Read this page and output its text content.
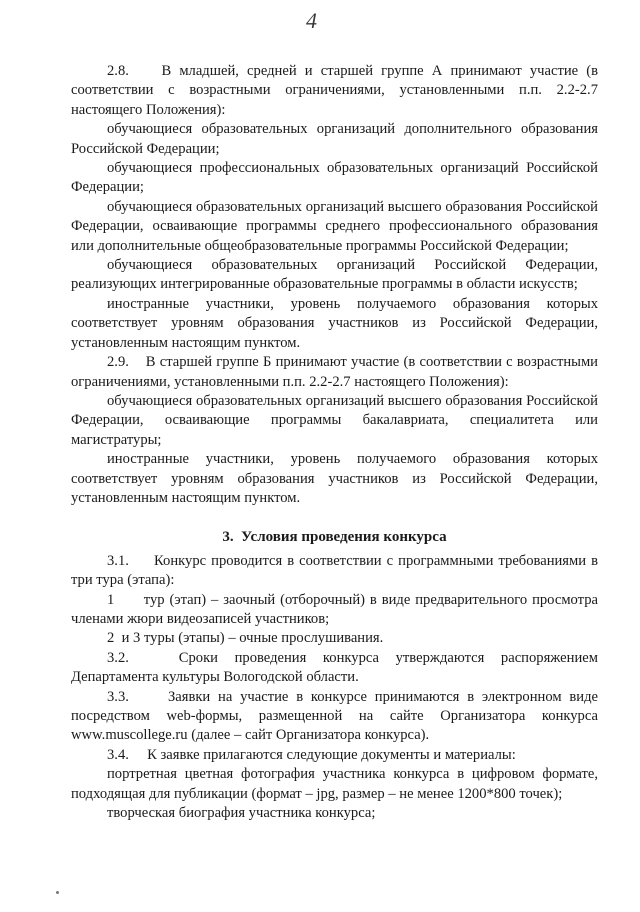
4

2.8.    В младшей, средней и старшей группе А принимают участие (в соответствии с возрастными ограничениями, установленными п.п. 2.2-2.7 настоящего Положения):

обучающиеся образовательных организаций дополнительного образования Российской Федерации;

обучающиеся профессиональных образовательных организаций Российской Федерации;

обучающиеся образовательных организаций высшего образования Российской Федерации, осваивающие программы среднего профессионального образования или дополнительные общеобразовательные программы Российской Федерации;

обучающиеся образовательных организаций Российской Федерации, реализующих интегрированные образовательные программы в области искусств;

иностранные участники, уровень получаемого образования которых соответствует уровням образования участников из Российской Федерации, установленным настоящим пунктом.

2.9.    В старшей группе Б принимают участие (в соответствии с возрастными ограничениями, установленными п.п. 2.2-2.7 настоящего Положения):

обучающиеся образовательных организаций высшего образования Российской Федерации, осваивающие программы бакалавриата, специалитета или магистратуры;

иностранные участники, уровень получаемого образования которых соответствует уровням образования участников из Российской Федерации, установленным настоящим пунктом.

3.  Условия проведения конкурса

3.1.     Конкурс проводится в соответствии с программными требованиями в три тура (этапа):

1      тур (этап) – заочный (отборочный) в виде предварительного просмотра членами жюри видеозаписей участников;

2  и 3 туры (этапы) – очные прослушивания.

3.2.   Сроки проведения конкурса утверждаются распоряжением Департамента культуры Вологодской области.

3.3.     Заявки на участие в конкурсе принимаются в электронном виде посредством web-формы, размещенной на сайте Организатора конкурса www.muscollege.ru (далее – сайт Организатора конкурса).

3.4.     К заявке прилагаются следующие документы и материалы:

портретная цветная фотография участника конкурса в цифровом формате, подходящая для публикации (формат – jpg, размер – не менее 1200*800 точек);

творческая биография участника конкурса;
